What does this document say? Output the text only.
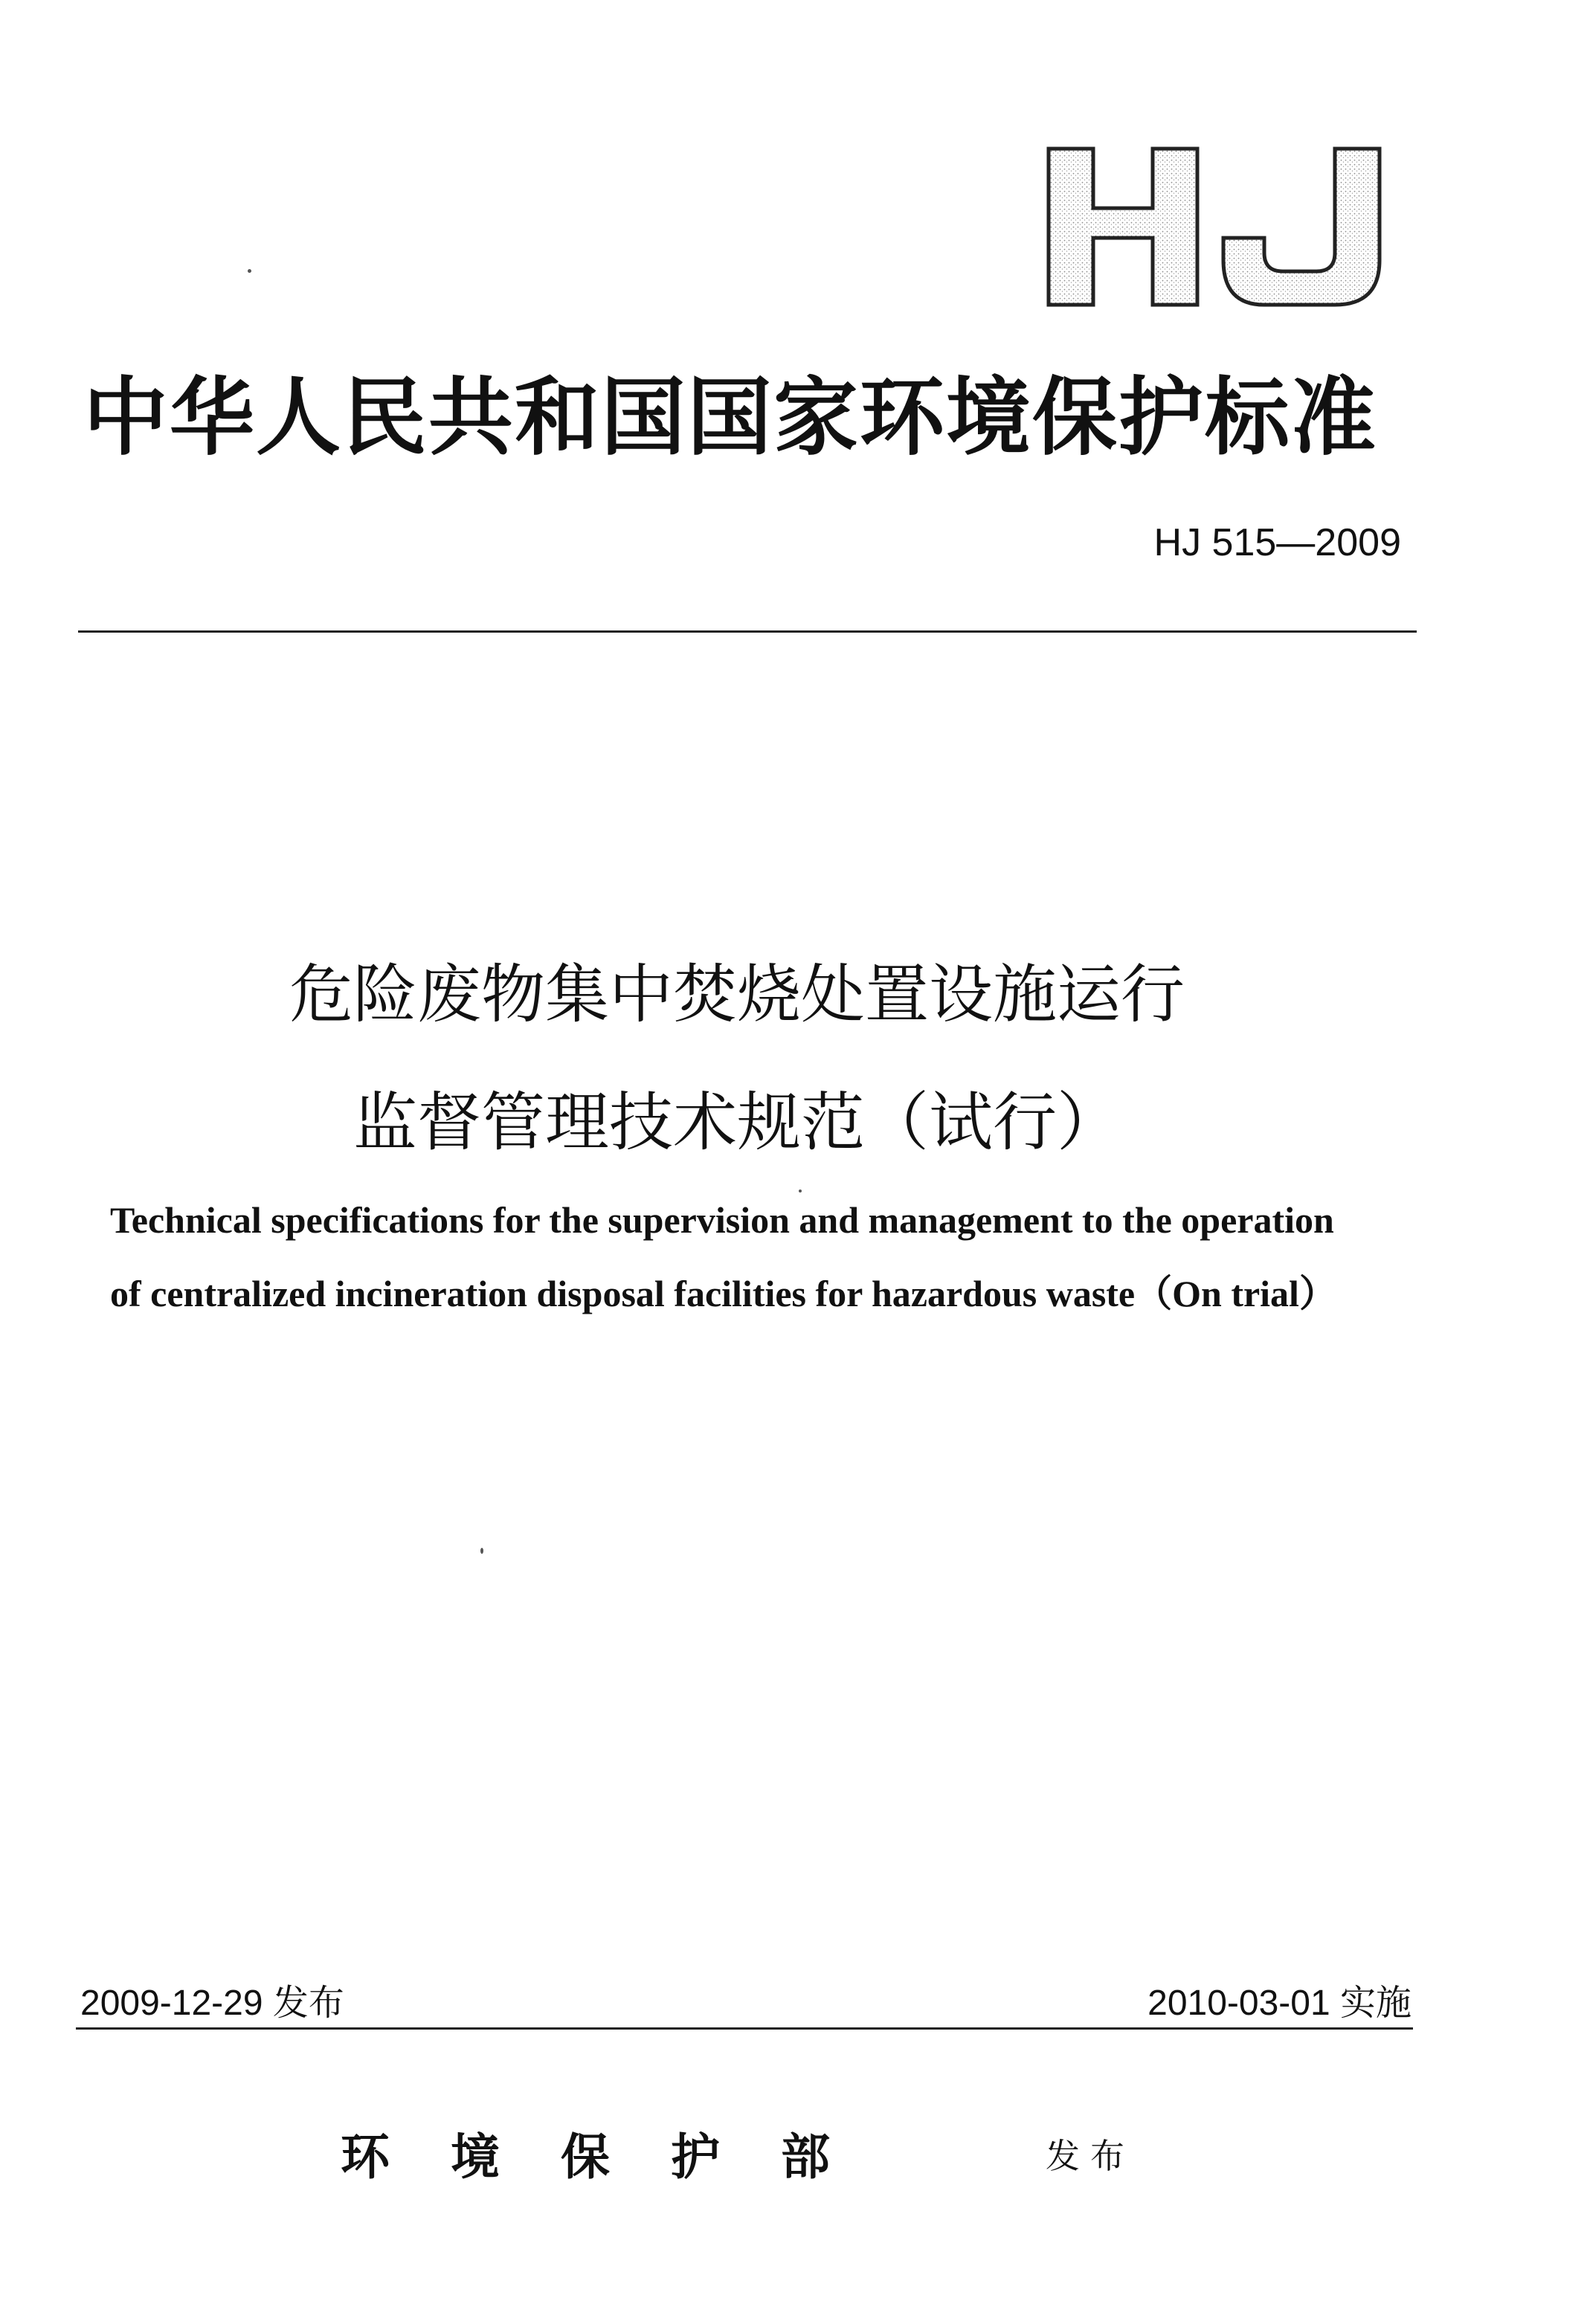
中华人民共和国国家环境保护标准
HJ 515—2009
危险废物集中焚烧处置设施运行
监督管理技术规范（试行）
Technical specifications for the supervision and management to the operation
of centralized incineration disposal facilities for hazardous waste（On trial）
2009-12-29 发布	2010-03-01 实施
环境保护部	发布
